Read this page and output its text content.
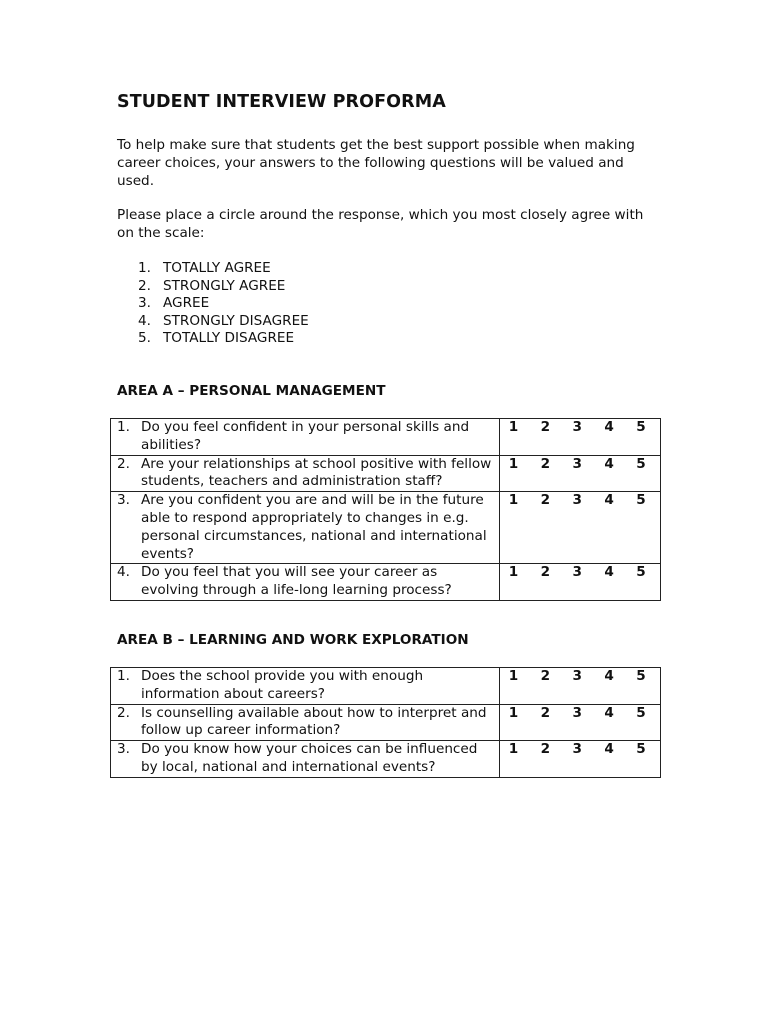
STUDENT INTERVIEW PROFORMA

To help make sure that students get the best support possible when making career choices, your answers to the following questions will be valued and used.

Please place a circle around the response, which you most closely agree with on the scale:

1. TOTALLY AGREE
2. STRONGLY AGREE
3. AGREE
4. STRONGLY DISAGREE
5. TOTALLY DISAGREE
AREA A – PERSONAL MANAGEMENT
1. Do you feel confident in your personal skills and abilities?	1 2 3 4 5

2. Are your relationships at school positive with fellow students, teachers and administration staff?	1 2 3 4 5

3. Are you confident you are and will be in the future able to respond appropriately to changes in e.g. personal circumstances, national and international events?	1 2 3 4 5

4. Do you feel that you will see your career as evolving through a life-long learning process?	1 2 3 4 5
AREA B – LEARNING AND WORK EXPLORATION
1. Does the school provide you with enough information about careers?	1 2 3 4 5

2. Is counselling available about how to interpret and follow up career information?	1 2 3 4 5

3. Do you know how your choices can be influenced by local, national and international events?	1 2 3 4 5
